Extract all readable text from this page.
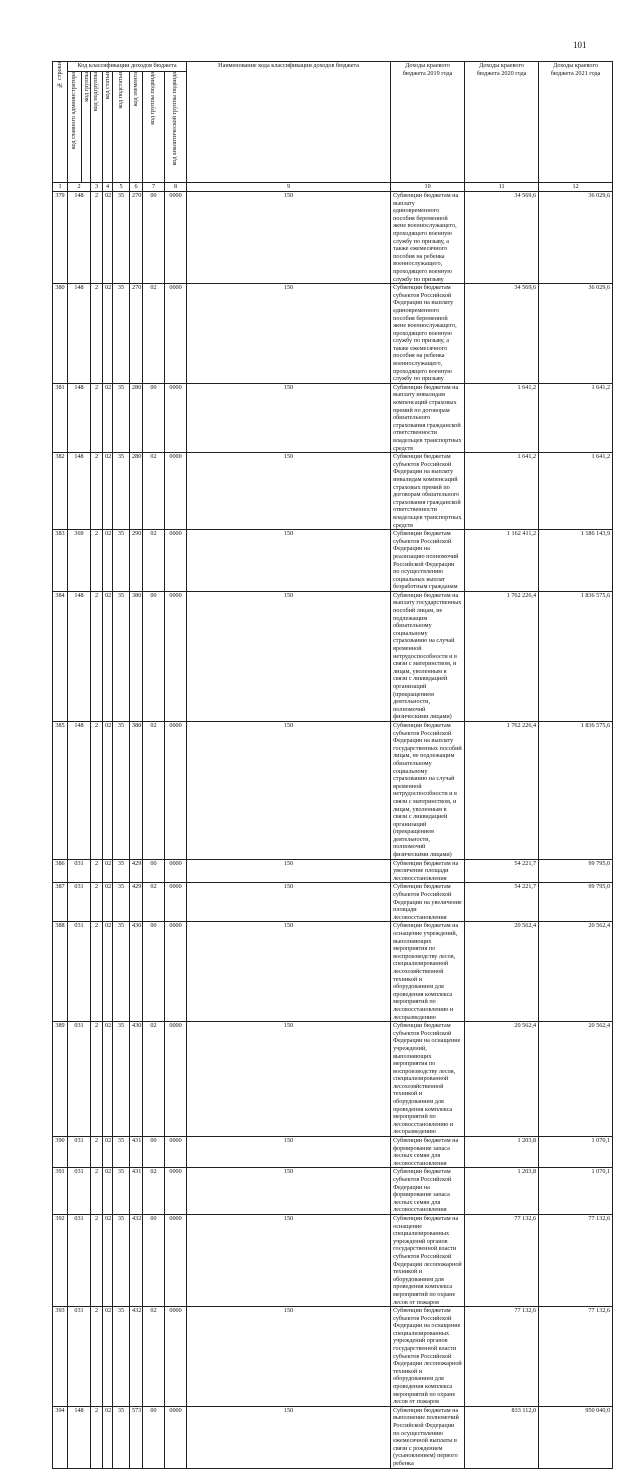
101
№ строки	Код классификации доходов бюджета								Наименование кода классификации доходов бюджета	Доходы краевого бюджета 2019 года	Доходы краевого бюджета 2020 года	Доходы краевого бюджета 2021 года	
	код главного администратора	код группы	код подгруппы	код статьи	код подстатьи	код элемента	код группы подвида	код аналитической группы подвида					
1	2		3	4	5	6	7	8	9	10	11	12	
379	148		2	02	35	270	00	0000	150	Субвенции бюджетам на выплату единовременного пособия беременной жене военнослужащего, проходящего военную службу по призыву, а также ежемесячного пособия на ребенка военнослужащего, проходящего военную службу по призыву	34 569,6	36 029,6	
380	148		2	02	35	270	02	0000	150	Субвенции бюджетам субъектов Российской Федерации на выплату единовременного пособия беременной жене военнослужащего, проходящего военную службу по призыву, а также ежемесячного пособия на ребенка военнослужащего, проходящего военную службу по призыву	34 569,6	36 029,6	
381	148		2	02	35	280	00	0000	150	Субвенции бюджетам на выплату инвалидам компенсаций страховых премий по договорам обязательного страхования гражданской ответственности владельцев транспортных средств	1 641,2	1 641,2	
382	148		2	02	35	280	02	0000	150	Субвенции бюджетам субъектов Российской Федерации на выплату инвалидам компенсаций страховых премий по договорам обязательного страхования гражданской ответственности владельцев транспортных средств	1 641,2	1 641,2	
383	369		2	02	35	290	02	0000	150	Субвенции бюджетам субъектов Российской Федерации на реализацию полномочий Российской Федерации по осуществлению социальных выплат безработным гражданам	1 162 411,2	1 186 143,9	
384	148		2	02	35	380	00	0000	150	Субвенции бюджетам на выплату государственных пособий лицам, не подлежащим обязательному социальному страхованию на случай временной нетрудоспособности и в связи с материнством, и лицам, уволенным в связи с ликвидацией организаций (прекращением деятельности, полномочий физическими лицами)	1 762 226,4	1 836 575,6	
385	148		2	02	35	380	02	0000	150	Субвенции бюджетам субъектов Российской Федерации на выплату государственных пособий лицам, не подлежащим обязательному социальному страхованию на случай временной нетрудоспособности и в связи с материнством, и лицам, уволенным в связи с ликвидацией организаций (прекращением деятельности, полномочий физическими лицами)	1 762 226,4	1 836 575,6	
386	031		2	02	35	429	00	0000	150	Субвенции бюджетам на увеличение площади лесовосстановления	54 221,7	99 795,0	
387	031		2	02	35	429	02	0000	150	Субвенции бюджетам субъектов Российской Федерации на увеличение площади лесовосстановления	54 221,7	99 795,0	
388	031		2	02	35	430	00	0000	150	Субвенции бюджетам на оснащение учреждений, выполняющих мероприятия по воспроизводству лесов, специализированной лесохозяйственной техникой и оборудованием для проведения комплекса мероприятий по лесовосстановлению и лесоразведению	20 562,4	20 562,4	
389	031		2	02	35	430	02	0000	150	Субвенции бюджетам субъектов Российской Федерации на оснащение учреждений, выполняющих мероприятия по воспроизводству лесов, специализированной лесохозяйственной техникой и оборудованием для проведения комплекса мероприятий по лесовосстановлению и лесоразведению	20 562,4	20 562,4	
390	031		2	02	35	431	00	0000	150	Субвенции бюджетам на формирование запаса лесных семян для лесовосстановления	1 203,8	1 070,1	
391	031		2	02	35	431	02	0000	150	Субвенции бюджетам субъектов Российской Федерации на формирование запаса лесных семян для лесовосстановления	1 203,8	1 070,1	
392	031		2	02	35	432	00	0000	150	Субвенции бюджетам на оснащение специализированных учреждений органов государственной власти субъектов Российской Федерации лесопожарной техникой и оборудованием для проведения комплекса мероприятий по охране лесов от пожаров	77 132,6	77 132,6	
393	031		2	02	35	432	02	0000	150	Субвенции бюджетам субъектов Российской Федерации на оснащение специализированных учреждений органов государственной власти субъектов Российской Федерации лесопожарной техникой и оборудованием для проведения комплекса мероприятий по охране лесов от пожаров	77 132,6	77 132,6	
394	148		2	02	35	573	00	0000	150	Субвенции бюджетам на выполнение полномочий Российской Федерации по осуществлению ежемесячной выплаты в связи с рождением (усыновлением) первого ребенка	833 112,0	950 040,0	
